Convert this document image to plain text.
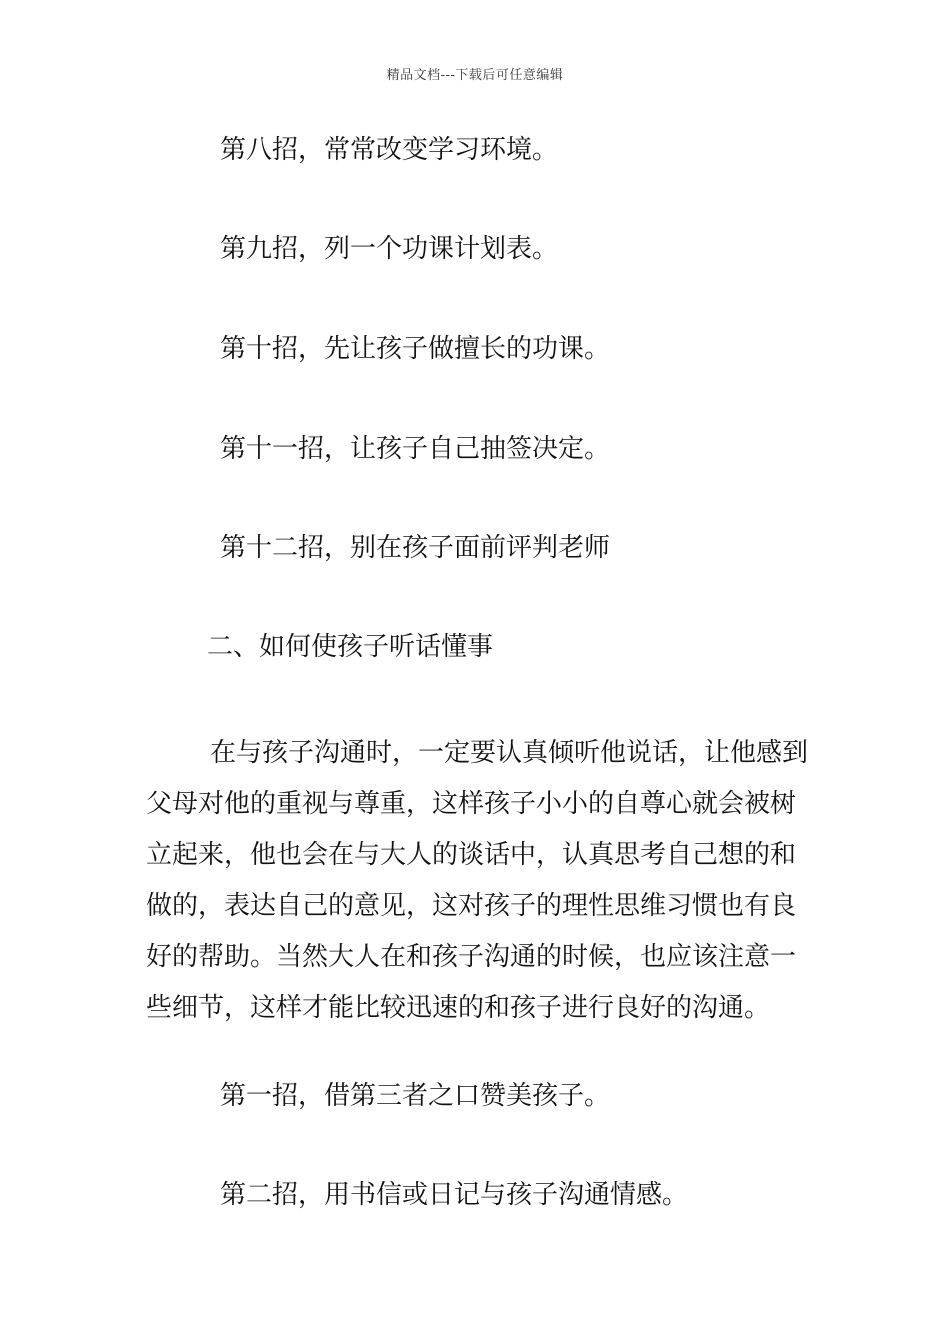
精品文档---下载后可任意编辑
第八招，常常改变学习环境。
第九招，列一个功课计划表。
第十招，先让孩子做擅长的功课。
第十一招，让孩子自己抽签决定。
第十二招，别在孩子面前评判老师
二、如何使孩子听话懂事
在与孩子沟通时，一定要认真倾听他说话，让他感到
父母对他的重视与尊重，这样孩子小小的自尊心就会被树
立起来，他也会在与大人的谈话中，认真思考自己想的和
做的，表达自己的意见，这对孩子的理性思维习惯也有良
好的帮助。当然大人在和孩子沟通的时候，也应该注意一
些细节，这样才能比较迅速的和孩子进行良好的沟通。
第一招，借第三者之口赞美孩子。
第二招，用书信或日记与孩子沟通情感。
